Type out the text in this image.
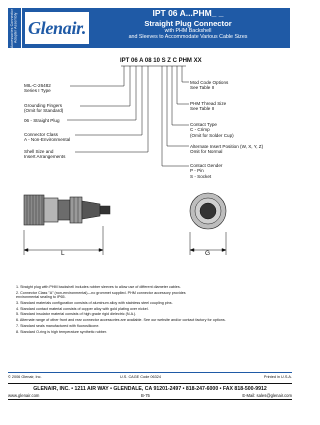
Accessories Connector Adapter Assembly Glenair.
IPT 06 A...PHM_ _
Straight Plug Connector
with PHM Backshell
and Sleeves to Accommodate Various Cable Sizes
IPT 06 A 08 10 S Z C PHM XX
L	G
Mod Code Options
See Table II
PHM Thread Size
See Table II
Contact Type
C - Crimp
(Omit for Solder Cup)
Alternate Insert Position (W, X, Y, Z)
Omit for Normal
Contact Gender
P - Pin
S - Socket
MIL-C-26482
Series I Type
Grounding Fingers
(Omit for Standard)
06 - Straight Plug
Connector Class
A - Non-Environmental
Shell Size and
Insert Arrangements
1. Straight plug with PHM backshell includes rubber sleeves to allow use of different diameter cables.
2. Connector Class "A" (non-environmental)—no grommet supplied. PHM connector accessory provides
environmental sealing to IP65.
3. Standard materials configuration consists of aluminum alloy with stainless steel coupling pins.
4. Standard contact material consists of copper alloy with gold plating over nickel.
5. Standard insulator material consists of high grade rigid dielectric (N.A.).
6. Alternate range of other front and rear connector accessories are available. See our website and/or contact factory for options.
7. Standard seals manufactured with fluorosilicone.
8. Standard O-ring is high temperature synthetic rubber.
© 2006 Glenair, Inc.	U.S. CAGE Code 06324	Printed in U.S.A.
GLENAIR, INC. • 1211 AIR WAY • GLENDALE, CA 91201-2497 • 818-247-6000 • FAX 818-500-9912
www.glenair.com	B-75	E-Mail: sales@glenair.com
